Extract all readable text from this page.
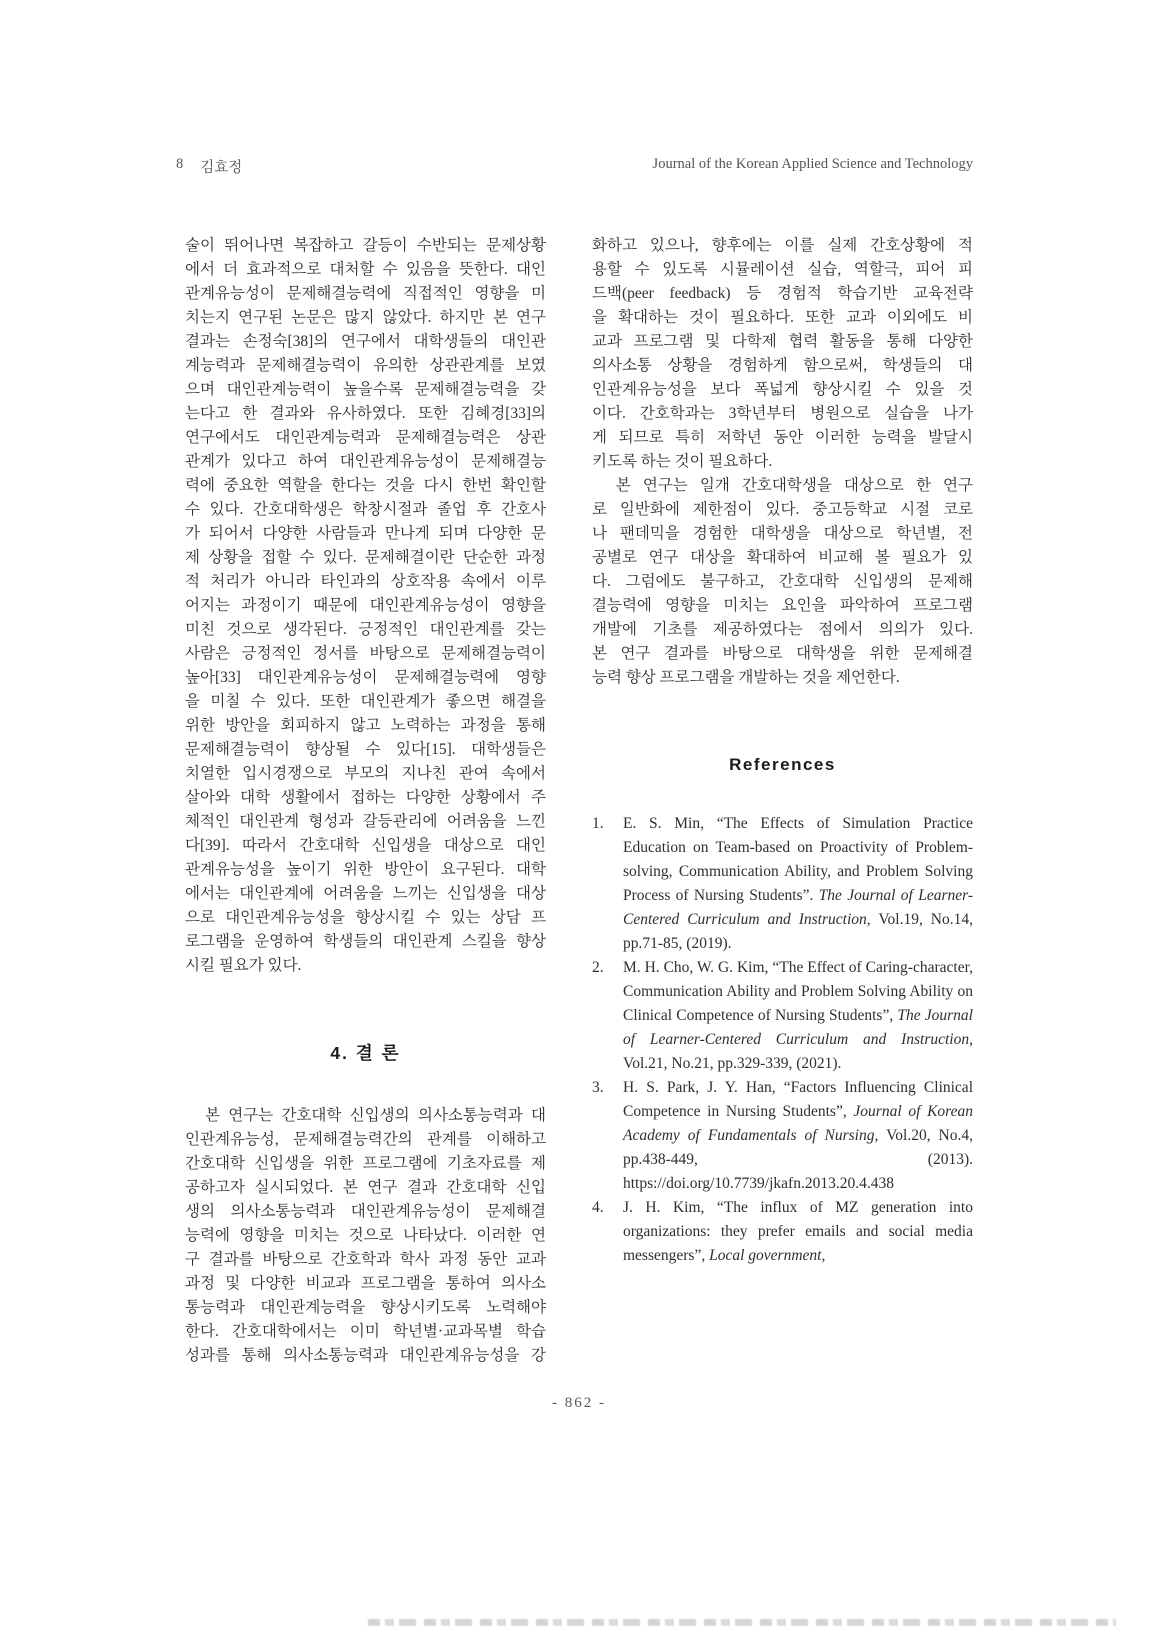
8 김효정	Journal of the Korean Applied Science and Technology
술이 뛰어나면 복잡하고 갈등이 수반되는 문제상황
에서 더 효과적으로 대처할 수 있음을 뜻한다. 대인
관계유능성이 문제해결능력에 직접적인 영향을 미
치는지 연구된 논문은 많지 않았다. 하지만 본 연구
결과는 손정숙[38]의 연구에서 대학생들의 대인관
계능력과 문제해결능력이 유의한 상관관계를 보였
으며 대인관계능력이 높을수록 문제해결능력을 갖
는다고 한 결과와 유사하였다. 또한 김혜경[33]의
연구에서도 대인관계능력과 문제해결능력은 상관
관계가 있다고 하여 대인관계유능성이 문제해결능
력에 중요한 역할을 한다는 것을 다시 한번 확인할
수 있다. 간호대학생은 학창시절과 졸업 후 간호사
가 되어서 다양한 사람들과 만나게 되며 다양한 문
제 상황을 접할 수 있다. 문제해결이란 단순한 과정
적 처리가 아니라 타인과의 상호작용 속에서 이루
어지는 과정이기 때문에 대인관계유능성이 영향을
미친 것으로 생각된다. 긍정적인 대인관계를 갖는
사람은 긍정적인 정서를 바탕으로 문제해결능력이
높아[33] 대인관계유능성이 문제해결능력에 영향
을 미칠 수 있다. 또한 대인관계가 좋으면 해결을
위한 방안을 회피하지 않고 노력하는 과정을 통해
문제해결능력이 향상될 수 있다[15]. 대학생들은
치열한 입시경쟁으로 부모의 지나친 관여 속에서
살아와 대학 생활에서 접하는 다양한 상황에서 주
체적인 대인관계 형성과 갈등관리에 어려움을 느낀
다[39]. 따라서 간호대학 신입생을 대상으로 대인
관계유능성을 높이기 위한 방안이 요구된다. 대학
에서는 대인관계에 어려움을 느끼는 신입생을 대상
으로 대인관계유능성을 향상시킬 수 있는 상담 프
로그램을 운영하여 학생들의 대인관계 스킬을 향상
시킬 필요가 있다.
4. 결 론
　본 연구는 간호대학 신입생의 의사소통능력과 대
인관계유능성, 문제해결능력간의 관계를 이해하고
간호대학 신입생을 위한 프로그램에 기초자료를 제
공하고자 실시되었다. 본 연구 결과 간호대학 신입
생의 의사소통능력과 대인관계유능성이 문제해결
능력에 영향을 미치는 것으로 나타났다. 이러한 연
구 결과를 바탕으로 간호학과 학사 과정 동안 교과
과정 및 다양한 비교과 프로그램을 통하여 의사소
통능력과 대인관계능력을 향상시키도록 노력해야
한다. 간호대학에서는 이미 학년별·교과목별 학습
성과를 통해 의사소통능력과 대인관계유능성을 강
화하고 있으나, 향후에는 이를 실제 간호상황에 적
용할 수 있도록 시뮬레이션 실습, 역할극, 피어 피
드백(peer feedback) 등 경험적 학습기반 교육전략
을 확대하는 것이 필요하다. 또한 교과 이외에도 비
교과 프로그램 및 다학제 협력 활동을 통해 다양한
의사소통 상황을 경험하게 함으로써, 학생들의 대
인관계유능성을 보다 폭넓게 향상시킬 수 있을 것
이다. 간호학과는 3학년부터 병원으로 실습을 나가
게 되므로 특히 저학년 동안 이러한 능력을 발달시
키도록 하는 것이 필요하다.
　본 연구는 일개 간호대학생을 대상으로 한 연구
로 일반화에 제한점이 있다. 중고등학교 시절 코로
나 팬데믹을 경험한 대학생을 대상으로 학년별, 전
공별로 연구 대상을 확대하여 비교해 볼 필요가 있
다. 그럼에도 불구하고, 간호대학 신입생의 문제해
결능력에 영향을 미치는 요인을 파악하여 프로그램
개발에 기초를 제공하였다는 점에서 의의가 있다.
본 연구 결과를 바탕으로 대학생을 위한 문제해결
능력 향상 프로그램을 개발하는 것을 제언한다.
References
1. E. S. Min, “The Effects of Simulation Practice Education on Team-based on Proactivity of Problem-solving, Communication Ability, and Problem Solving Process of Nursing Students”. The Journal of Learner-Centered Curriculum and Instruction, Vol.19, No.14, pp.71-85, (2019).
2. M. H. Cho, W. G. Kim, “The Effect of Caring-character, Communication Ability and Problem Solving Ability on Clinical Competence of Nursing Students”, The Journal of Learner-Centered Curriculum and Instruction, Vol.21, No.21, pp.329-339, (2021).
3. H. S. Park, J. Y. Han, “Factors Influencing Clinical Competence in Nursing Students”, Journal of Korean Academy of Fundamentals of Nursing, Vol.20, No.4, pp.438-449, (2013). https://doi.org/10.7739/jkafn.2013.20.4.438
4. J. H. Kim, “The influx of MZ generation into organizations: they prefer emails and social media messengers”, Local government,
- 862 -
